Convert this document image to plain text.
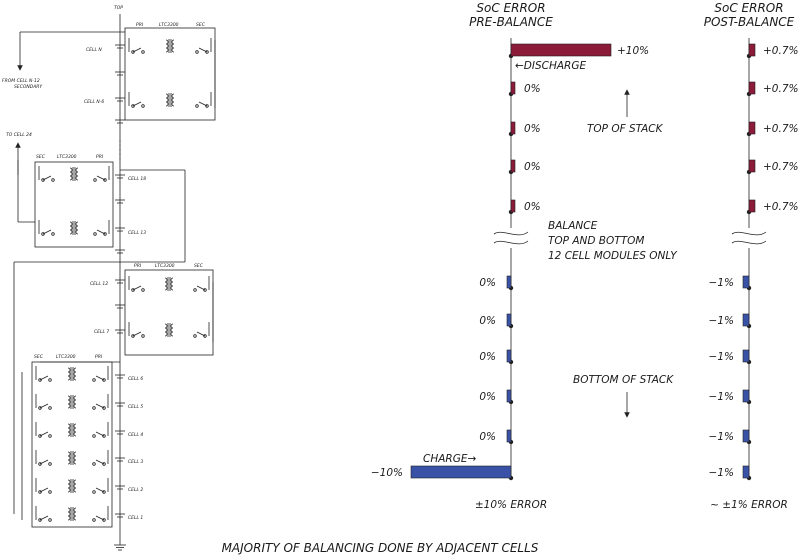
TOP
PRI	LTC3300	SEC
FROM CELL N-12
SECONDARY
SEC	LTC3300	PRI
TO CELL 24
PRI	LTC3300	SEC
SEC	LTC3300	PRI
CELL N
CELL N-6
CELL 18
CELL 13
CELL 12
CELL 7
CELL 6
CELL 5
CELL 4
CELL 3
CELL 2
CELL 1
SoC ERROR
PRE-BALANCE
+10%
0%
0%
0%
0%
0%
0%
0%
0%
0%
−10%
←DISCHARGE
CHARGE→
±10% ERROR
TOP OF STACK
BALANCE
TOP AND BOTTOM
12 CELL MODULES ONLY
BOTTOM OF STACK
SoC ERROR
POST-BALANCE
+0.7%
+0.7%
+0.7%
+0.7%
+0.7%
−1%
−1%
−1%
−1%
−1%
−1%
~ ±1% ERROR
MAJORITY OF BALANCING DONE BY ADJACENT CELLS
